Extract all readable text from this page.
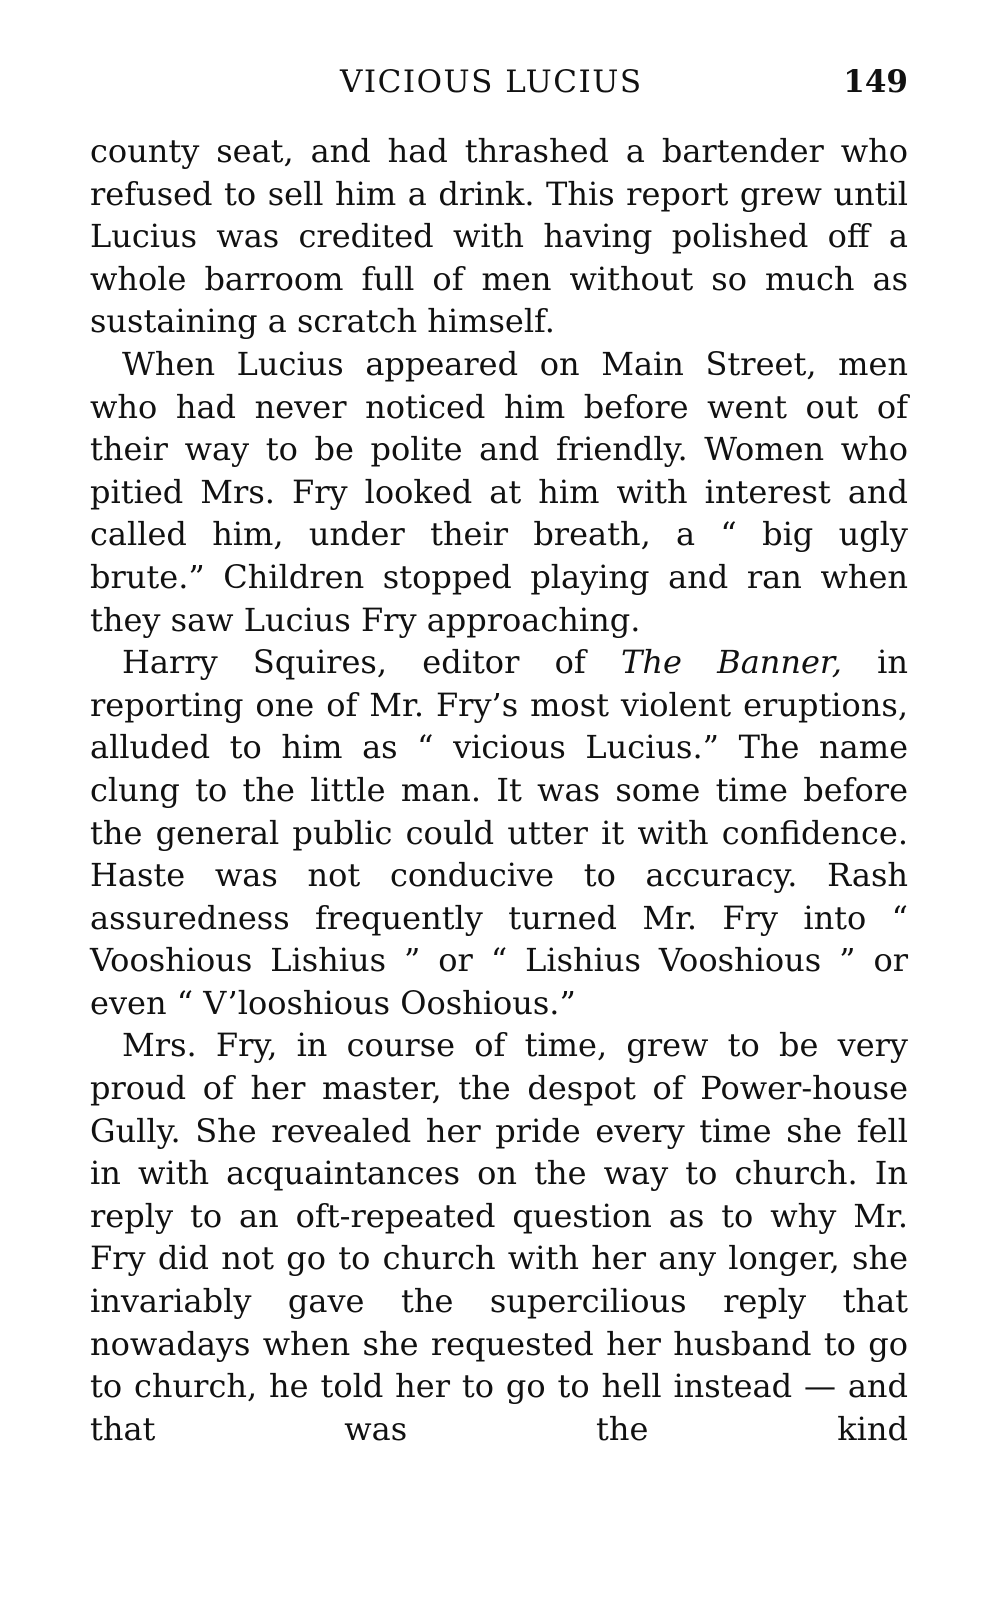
VICIOUS LUCIUS	149

county seat, and had thrashed a bartender who refused to sell him a drink. This report grew until Lucius was credited with having polished off a whole barroom full of men without so much as sustaining a scratch himself.

When Lucius appeared on Main Street, men who had never noticed him before went out of their way to be polite and friendly. Women who pitied Mrs. Fry looked at him with interest and called him, under their breath, a “ big ugly brute.” Children stopped playing and ran when they saw Lucius Fry approaching.

Harry Squires, editor of The Banner, in reporting one of Mr. Fry’s most violent eruptions, alluded to him as “ vicious Lucius.” The name clung to the little man. It was some time before the general public could utter it with confidence. Haste was not conducive to accuracy. Rash assuredness frequently turned Mr. Fry into “ Vooshious Lishius ” or “ Lishius Vooshious ” or even “ V’looshious Ooshious.”

Mrs. Fry, in course of time, grew to be very proud of her master, the despot of Power-house Gully. She revealed her pride every time she fell in with acquaintances on the way to church. In reply to an oft-repeated question as to why Mr. Fry did not go to church with her any longer, she invariably gave the supercilious reply that nowadays when she requested her husband to go to church, he told her to go to hell instead — and that was the kind
